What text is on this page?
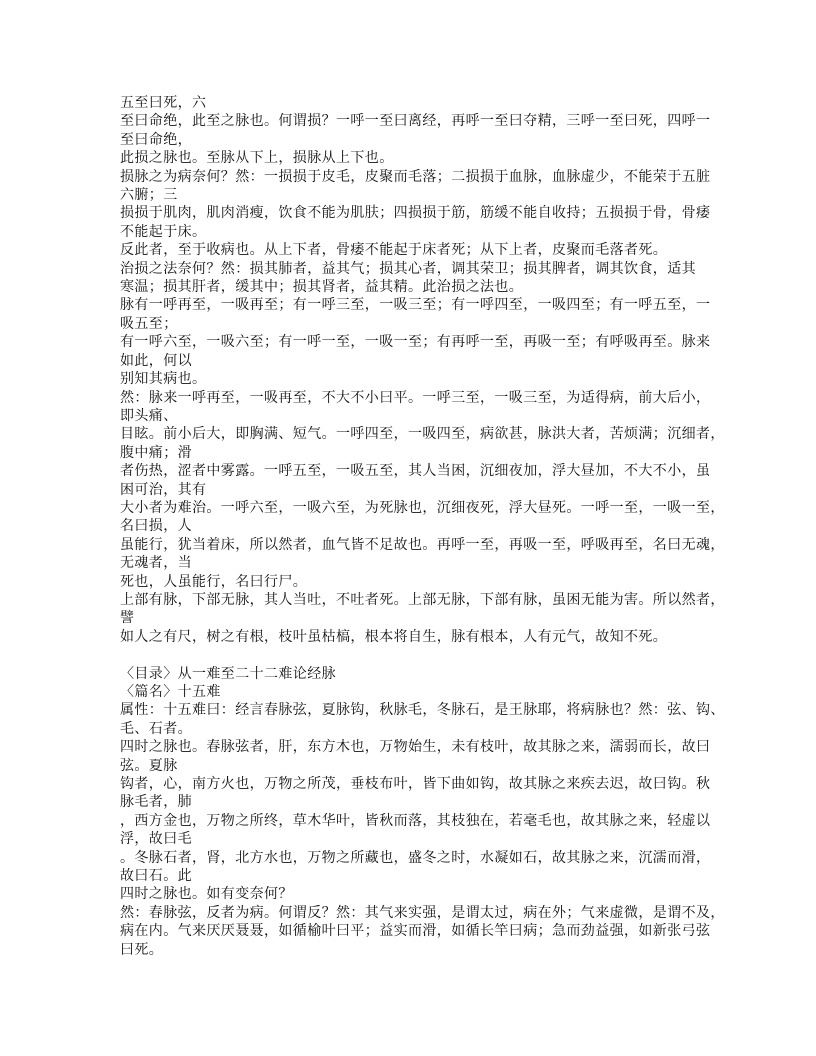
五至曰死，六
至曰命绝，此至之脉也。何谓损？一呼一至曰离经，再呼一至曰夺精，三呼一至曰死，四呼一
至曰命绝，
此损之脉也。至脉从下上，损脉从上下也。
损脉之为病奈何？然：一损损于皮毛，皮聚而毛落；二损损于血脉，血脉虚少，不能荣于五脏
六腑；三
损损于肌肉，肌肉消瘦，饮食不能为肌肤；四损损于筋，筋缓不能自收持；五损损于骨，骨痿
不能起于床。
反此者，至于收病也。从上下者，骨痿不能起于床者死；从下上者，皮聚而毛落者死。
治损之法奈何？然：损其肺者，益其气；损其心者，调其荣卫；损其脾者，调其饮食，适其
寒温；损其肝者，缓其中；损其肾者，益其精。此治损之法也。
脉有一呼再至，一吸再至；有一呼三至，一吸三至；有一呼四至，一吸四至；有一呼五至，一
吸五至；
有一呼六至，一吸六至；有一呼一至，一吸一至；有再呼一至，再吸一至；有呼吸再至。脉来
如此，何以
别知其病也。
然：脉来一呼再至，一吸再至，不大不小曰平。一呼三至，一吸三至，为适得病，前大后小，
即头痛、
目眩。前小后大，即胸满、短气。一呼四至，一吸四至，病欲甚，脉洪大者，苦烦满；沉细者，
腹中痛；滑
者伤热，涩者中雾露。一呼五至，一吸五至，其人当困，沉细夜加，浮大昼加，不大不小，虽
困可治，其有
大小者为难治。一呼六至，一吸六至，为死脉也，沉细夜死，浮大昼死。一呼一至，一吸一至，
名曰损，人
虽能行，犹当着床，所以然者，血气皆不足故也。再呼一至，再吸一至，呼吸再至，名曰无魂，
无魂者，当
死也，人虽能行，名曰行尸。
上部有脉，下部无脉，其人当吐，不吐者死。上部无脉，下部有脉，虽困无能为害。所以然者，
譬
如人之有尺，树之有根，枝叶虽枯槁，根本将自生，脉有根本，人有元气，故知不死。
〈目录〉从一难至二十二难论经脉
〈篇名〉十五难
属性：十五难曰：经言春脉弦，夏脉钩，秋脉毛，冬脉石，是王脉耶，将病脉也？然：弦、钩、
毛、石者。
四时之脉也。春脉弦者，肝，东方木也，万物始生，未有枝叶，故其脉之来，濡弱而长，故曰
弦。夏脉
钩者，心，南方火也，万物之所茂，垂枝布叶，皆下曲如钩，故其脉之来疾去迟，故曰钩。秋
脉毛者，肺
，西方金也，万物之所终，草木华叶，皆秋而落，其枝独在，若毫毛也，故其脉之来，轻虚以
浮，故曰毛
。冬脉石者，肾，北方水也，万物之所藏也，盛冬之时，水凝如石，故其脉之来，沉濡而滑，
故曰石。此
四时之脉也。如有变奈何？
然：春脉弦，反者为病。何谓反？然：其气来实强，是谓太过，病在外；气来虚微，是谓不及，
病在内。气来厌厌聂聂，如循榆叶曰平；益实而滑，如循长竿曰病；急而劲益强，如新张弓弦
曰死。
